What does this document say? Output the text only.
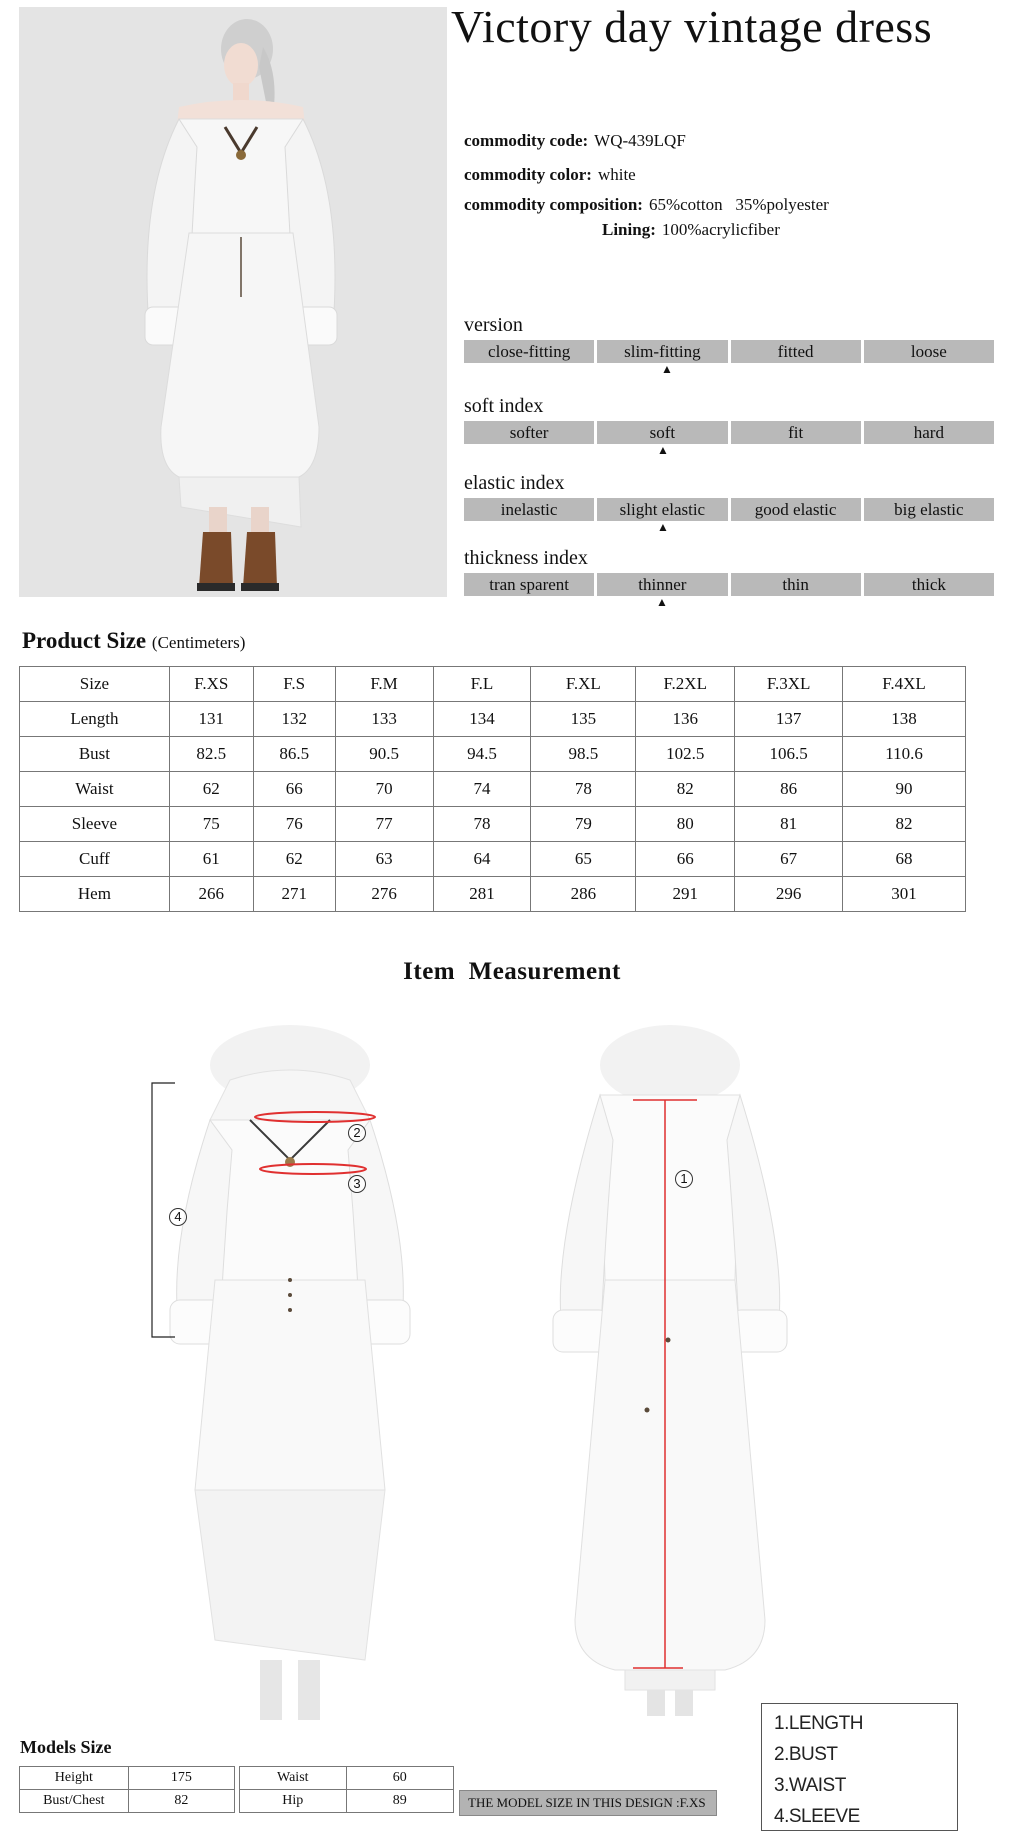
Victory day vintage dress
commodity code: WQ-439LQF
commodity color: white
commodity composition: 65%cotton   35%polyester
Lining: 100%acrylicfiber
version
close-fitting	slim-fitting	fitted	loose
▲
soft index
softer	soft	fit	hard
▲
elastic index
inelastic	slight elastic	good elastic	big elastic
▲
thickness index
tran sparent	thinner	thin	thick
▲
Product Size (Centimeters)
Size	F.XS	F.S	F.M	F.L	F.XL	F.2XL	F.3XL	F.4XL
Length	131	132	133	134	135	136	137	138
Bust	82.5	86.5	90.5	94.5	98.5	102.5	106.5	110.6
Waist	62	66	70	74	78	82	86	90
Sleeve	75	76	77	78	79	80	81	82
Cuff	61	62	63	64	65	66	67	68
Hem	266	271	276	281	286	291	296	301
Item  Measurement
2
3
4
1
1.LENGTH
2.BUST
3.WAIST
4.SLEEVE
Models Size
Height	175
Bust/Chest	82
Waist	60
Hip	89	THE MODEL SIZE IN THIS DESIGN :F.XS
